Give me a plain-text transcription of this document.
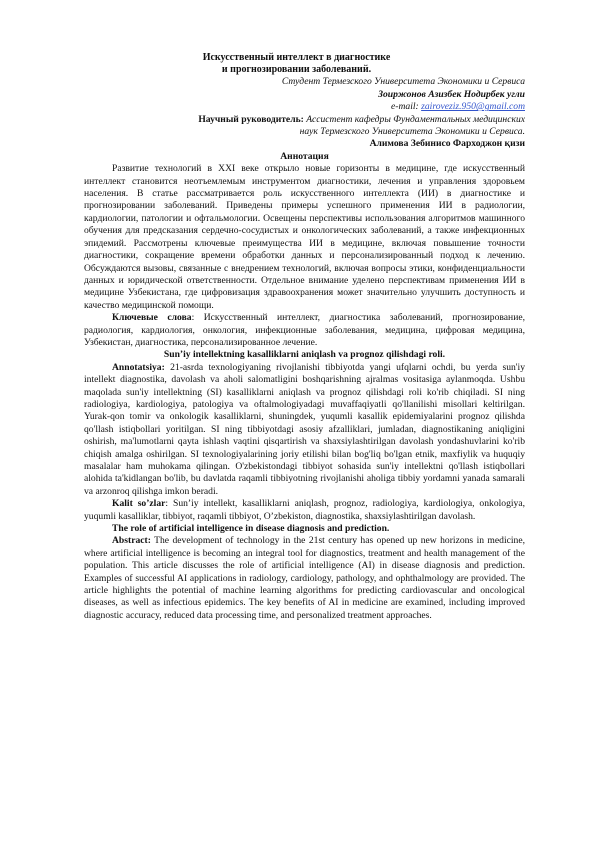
Искусственный интеллект в диагностике
и прогнозировании заболеваний.
Студент Термезского Университета Экономики и Сервиса
Зоиржонов Азизбек Нодирбек угли
e-mail: zairoveziz.950@gmail.com
Научный руководитель: Ассистент кафедры Фундаментальных медицинских
наук Термезского Университета Экономики и Сервиса.
Алимова Зебинисо Фарходжон қизи
Аннотация

Развитие технологий в XXI веке открыло новые горизонты в медицине, где искусственный интеллект становится неотъемлемым инструментом диагностики, лечения и управления здоровьем населения. В статье рассматривается роль искусственного интеллекта (ИИ) в диагностике и прогнозировании заболеваний. Приведены примеры успешного применения ИИ в радиологии, кардиологии, патологии и офтальмологии. Освещены перспективы использования алгоритмов машинного обучения для предсказания сердечно-сосудистых и онкологических заболеваний, а также инфекционных эпидемий. Рассмотрены ключевые преимущества ИИ в медицине, включая повышение точности диагностики, сокращение времени обработки данных и персонализированный подход к лечению. Обсуждаются вызовы, связанные с внедрением технологий, включая вопросы этики, конфиденциальности данных и юридической ответственности. Отдельное внимание уделено перспективам применения ИИ в медицине Узбекистана, где цифровизация здравоохранения может значительно улучшить доступность и качество медицинской помощи.

Ключевые слова: Искусственный интеллект, диагностика заболеваний, прогнозирование, радиология, кардиология, онкология, инфекционные заболевания, медицина, цифровая медицина, Узбекистан, диагностика, персонализированное лечение.

Sun’iy intellektning kasalliklarni aniqlash va prognoz qilishdagi roli.

Annotatsiya: 21-asrda texnologiyaning rivojlanishi tibbiyotda yangi ufqlarni ochdi, bu yerda sun'iy intellekt diagnostika, davolash va aholi salomatligini boshqarishning ajralmas vositasiga aylanmoqda. Ushbu maqolada sun'iy intellektning (SI) kasalliklarni aniqlash va prognoz qilishdagi roli ko'rib chiqiladi. SI ning radiologiya, kardiologiya, patologiya va oftalmologiyadagi muvaffaqiyatli qo'llanilishi misollari keltirilgan. Yurak-qon tomir va onkologik kasalliklarni, shuningdek, yuqumli kasallik epidemiyalarini prognoz qilishda qo'llash istiqbollari yoritilgan. SI ning tibbiyotdagi asosiy afzalliklari, jumladan, diagnostikaning aniqligini oshirish, ma'lumotlarni qayta ishlash vaqtini qisqartirish va shaxsiylashtirilgan davolash yondashuvlarini ko'rib chiqish amalga oshirilgan. SI texnologiyalarining joriy etilishi bilan bog'liq bo'lgan etnik, maxfiylik va huquqiy masalalar ham muhokama qilingan. O'zbekistondagi tibbiyot sohasida sun'iy intellektni qo'llash istiqbollari alohida ta'kidlangan bo'lib, bu davlatda raqamli tibbiyotning rivojlanishi aholiga tibbiy yordamni yanada samarali va arzonroq qilishga imkon beradi.

Kalit so’zlar: Sun’iy intellekt, kasalliklarni aniqlash, prognoz, radiologiya, kardiologiya, onkologiya, yuqumli kasalliklar, tibbiyot, raqamli tibbiyot, O’zbekiston, diagnostika, shaxsiylashtirilgan davolash.

The role of artificial intelligence in disease diagnosis and prediction.

Abstract: The development of technology in the 21st century has opened up new horizons in medicine, where artificial intelligence is becoming an integral tool for diagnostics, treatment and health management of the population. This article discusses the role of artificial intelligence (AI) in disease diagnosis and prediction. Examples of successful AI applications in radiology, cardiology, pathology, and ophthalmology are provided. The article highlights the potential of machine learning algorithms for predicting cardiovascular and oncological diseases, as well as infectious epidemics. The key benefits of AI in medicine are examined, including improved diagnostic accuracy, reduced data processing time, and personalized treatment approaches.
